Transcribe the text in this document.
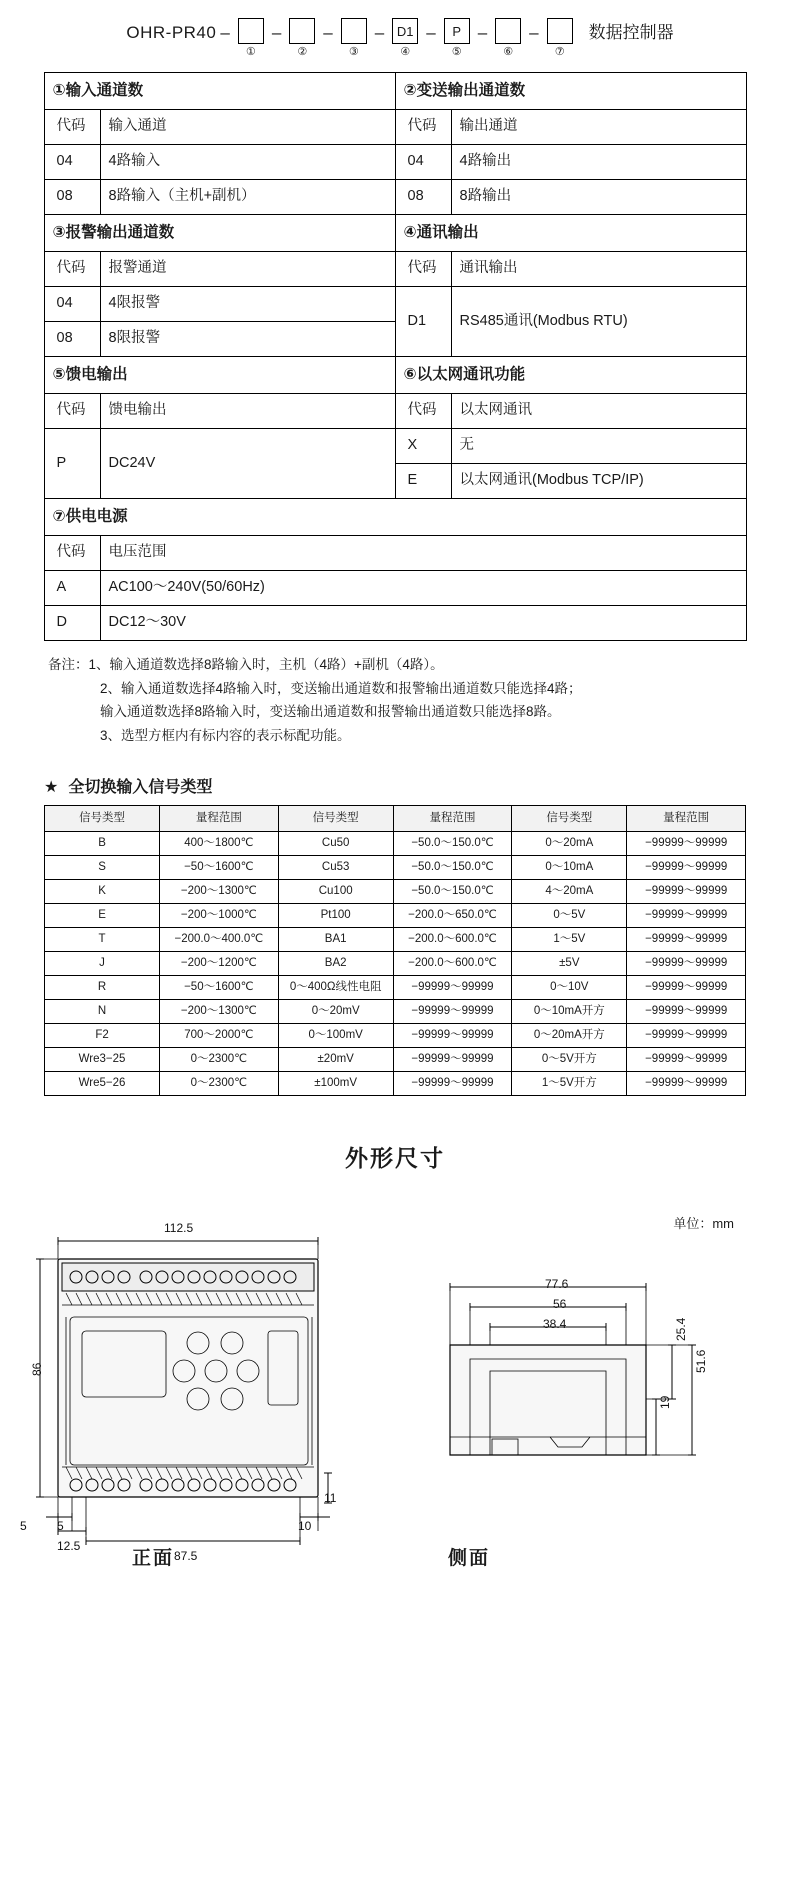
OHR-PR40 –
①
–
②
–
③
– D1
④
–	P
⑤
–
⑥
–
⑦
数据控制器
①输入通道数		②变送输出通道数	
代码	输入通道	代码	输出通道
04	4路输入	04	4路输出
08	8路输入（主机+副机）	08	8路输出
③报警输出通道数		④通讯输出	
代码	报警通道	代码	通讯输出
04	4限报警	D1	RS485通讯(Modbus RTU)
08	8限报警		
⑤馈电输出		⑥以太网通讯功能	
代码	馈电输出	代码	以太网通讯
P	DC24V	X	无
		E	以太网通讯(Modbus TCP/IP)
⑦供电电源			
代码	电压范围		
A	AC100～240V(50/60Hz)		
D	DC12～30V		
备注： 1、输入通道数选择8路输入时，主机（4路）+副机（4路）。
2、输入通道数选择4路输入时，变送输出通道数和报警输出通道数只能选择4路；
输入通道数选择8路输入时，变送输出通道数和报警输出通道数只能选择8路。
3、选型方框内有标内容的表示标配功能。
★ 全切换输入信号类型
信号类型	量程范围	信号类型	量程范围	信号类型	量程范围
B	400～1800℃	Cu50	−50.0～150.0℃	0～20mA	−99999～99999
S	−50～1600℃	Cu53	−50.0～150.0℃	0～10mA	−99999～99999
K	−200～1300℃	Cu100	−50.0～150.0℃	4～20mA	−99999～99999
E	−200～1000℃	Pt100	−200.0～650.0℃	0～5V	−99999～99999
T	−200.0～400.0℃	BA1	−200.0～600.0℃	1～5V	−99999～99999
J	−200～1200℃	BA2	−200.0～600.0℃	±5V	−99999～99999
R	−50～1600℃	0～400Ω线性电阻	−99999～99999	0～10V	−99999～99999
N	−200～1300℃	0～20mV	−99999～99999	0～10mA开方	−99999～99999
F2	700～2000℃	0～100mV	−99999～99999	0～20mA开方	−99999～99999
Wre3−25	0～2300℃	±20mV	−99999～99999	0～5V开方	−99999～99999
Wre5−26	0～2300℃	±100mV	−99999～99999	1～5V开方	−99999～99999
外形尺寸
单位：mm
112.5
86
5	5
12.5
87.5
10
11
77.6
56
38.4
51.6
25.4
19
正面	侧面
